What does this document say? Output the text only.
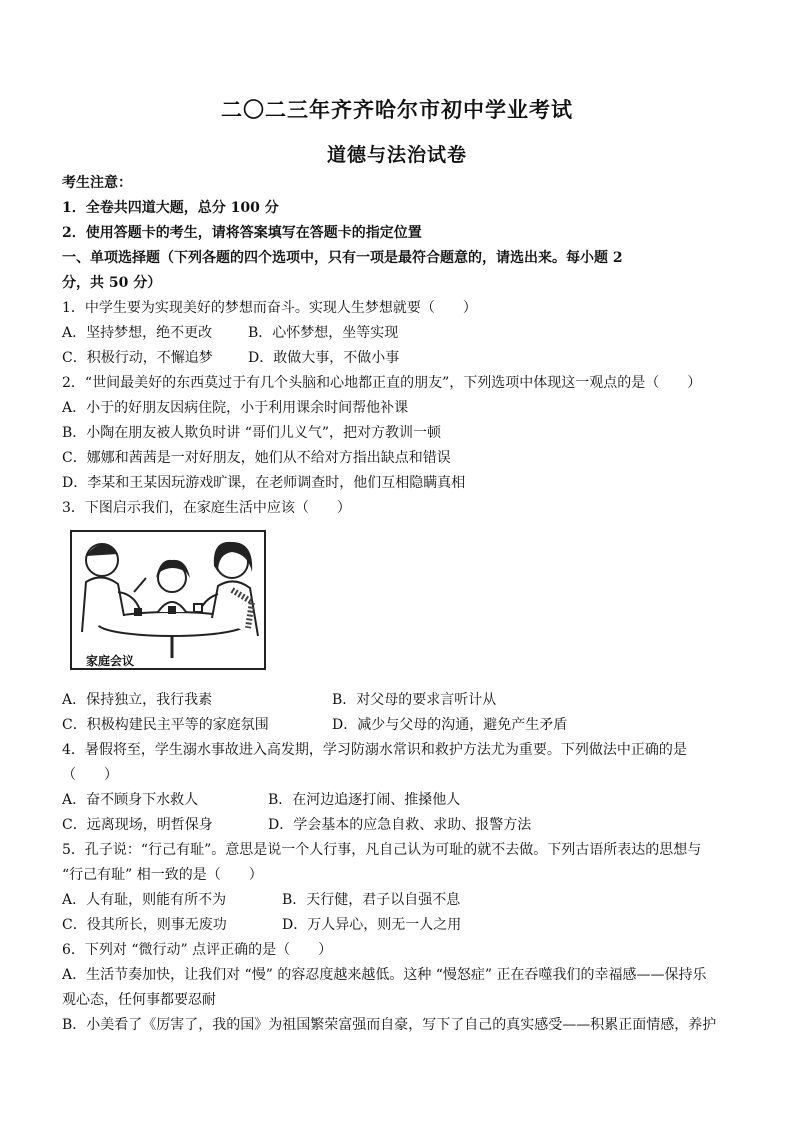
二〇二三年齐齐哈尔市初中学业考试
道德与法治试卷
考生注意：
1．全卷共四道大题，总分 100 分
2．使用答题卡的考生，请将答案填写在答题卡的指定位置
一、单项选择题（下列各题的四个选项中，只有一项是最符合题意的，请选出来。每小题 2
分，共 50 分）
1．中学生要为实现美好的梦想而奋斗。实现人生梦想就要（　　）
A．坚持梦想，绝不更改	B．心怀梦想，坐等实现
C．积极行动，不懈追梦	D．敢做大事，不做小事
2．“世间最美好的东西莫过于有几个头脑和心地都正直的朋友”，下列选项中体现这一观点的是（　　）
A．小于的好朋友因病住院，小于利用课余时间帮他补课
B．小陶在朋友被人欺负时讲 “哥们儿义气”，把对方教训一顿
C．娜娜和茜茜是一对好朋友，她们从不给对方指出缺点和错误
D．李某和王某因玩游戏旷课，在老师调查时，他们互相隐瞒真相
3．下图启示我们，在家庭生活中应该（　　）
家庭会议
A．保持独立，我行我素	B．对父母的要求言听计从
C．积极构建民主平等的家庭氛围	D．减少与父母的沟通，避免产生矛盾
4．暑假将至，学生溺水事故进入高发期，学习防溺水常识和救护方法尤为重要。下列做法中正确的是
（　　）
A．奋不顾身下水救人	B．在河边追逐打闹、推搡他人
C．远离现场，明哲保身	D．学会基本的应急自救、求助、报警方法
5．孔子说：“行己有耻”。意思是说一个人行事，凡自己认为可耻的就不去做。下列古语所表达的思想与
“行己有耻” 相一致的是（　　）
A．人有耻，则能有所不为	B．天行健，君子以自强不息
C．役其所长，则事无废功	D．万人异心，则无一人之用
6．下列对 “微行动” 点评正确的是（　　）
A．生活节奏加快，让我们对 “慢” 的容忍度越来越低。这种 “慢怒症” 正在吞噬我们的幸福感——保持乐
观心态，任何事都要忍耐
B．小美看了《厉害了，我的国》为祖国繁荣富强而自豪，写下了自己的真实感受——积累正面情感，养护
